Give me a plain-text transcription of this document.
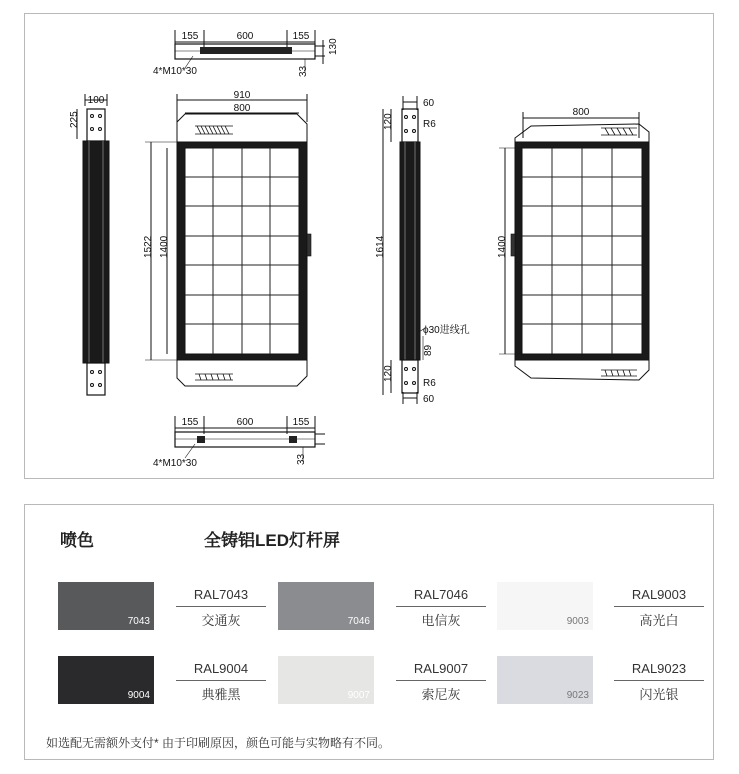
155	600	155
130
33
4*M10*30
100
225
910
800
1522 1400
60
R6
120
1614
ϕ30进线孔
89
120
R6
60
800
1400
155	600	155
33
4*M10*30
喷色	全铸铝LED灯杆屏
7043
RAL7043
交通灰	7046
RAL7046
电信灰	9003
RAL9003
高光白
9004
RAL9004
典雅黑	9007
RAL9007
索尼灰	9023
RAL9023
闪光银
如选配无需额外支付* 由于印刷原因，颜色可能与实物略有不同。
